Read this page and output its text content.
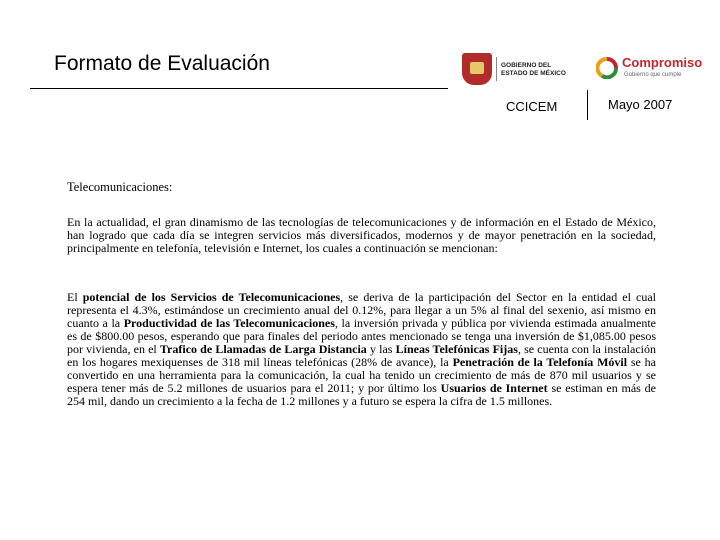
Formato de Evaluación	GOBIERNO DEL
ESTADO DE MÉXICO
Compromiso
Gobierno que cumple
CCICEM	Mayo 2007
Telecomunicaciones:

En la actualidad, el gran dinamismo de las tecnologías de telecomunicaciones y de información en el Estado de México, han logrado que cada día se integren servicios más diversificados, modernos y de mayor penetración en la sociedad, principalmente en telefonía, televisión e Internet, los cuales a continuación se mencionan:

El potencial de los Servicios de Telecomunicaciones, se deriva de la participación del Sector en la entidad el cual representa el 4.3%, estimándose un crecimiento anual del 0.12%, para llegar a un 5% al final del sexenio, así mismo en cuanto a la Productividad de las Telecomunicaciones, la inversión privada y pública por vivienda estimada anualmente es de $800.00 pesos, esperando que para finales del periodo antes mencionado se tenga una inversión de $1,085.00 pesos por vivienda, en el Trafico de Llamadas de Larga Distancia y las Líneas Telefónicas Fijas, se cuenta con la instalación en los hogares mexiquenses de 318 mil líneas telefónicas (28% de avance), la Penetración de la Telefonía Móvil se ha convertido en una herramienta para la comunicación, la cual ha tenido un crecimiento de más de 870 mil usuarios y se espera tener más de 5.2 millones de usuarios para el 2011; y por último los Usuarios de Internet se estiman en más de 254 mil, dando un crecimiento a la fecha de 1.2 millones y a futuro se espera la cifra de 1.5 millones.
